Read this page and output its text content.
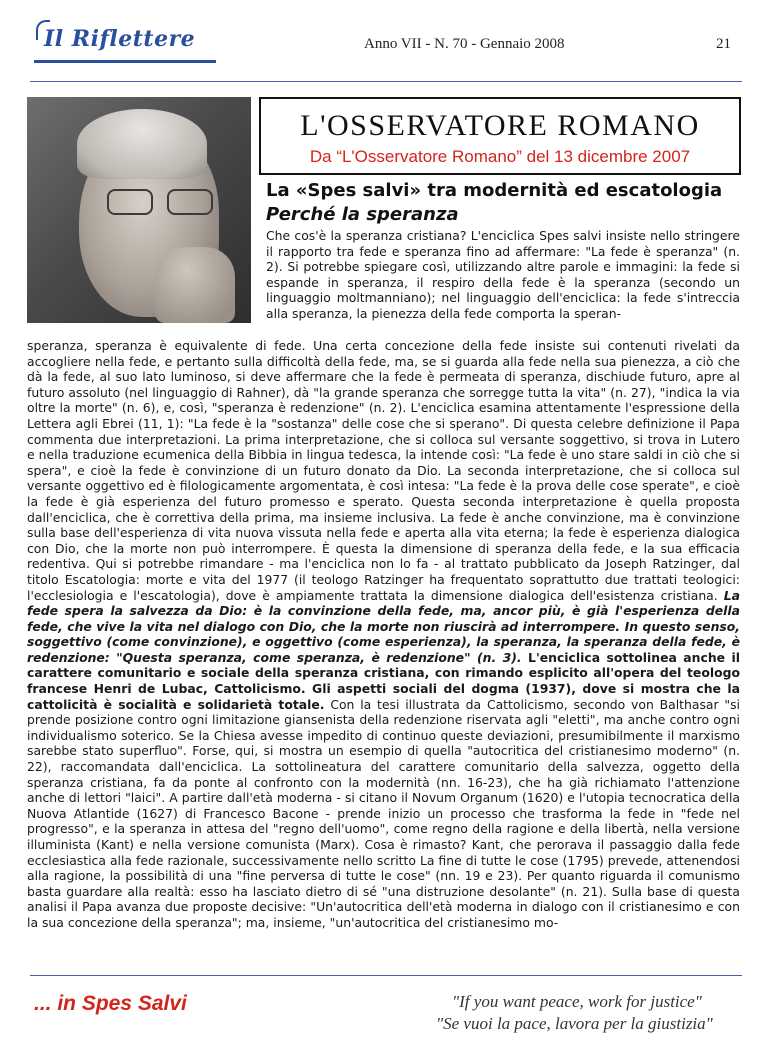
Il Riflettere	Anno VII - N. 70 - Gennaio 2008	21
L'OSSERVATORE ROMANO
Da “L'Osservatore Romano” del 13 dicembre 2007
La «Spes salvi» tra modernità ed escatologia
Perché la speranza

Che cos'è la speranza cristiana? L'enciclica Spes salvi insiste nello stringere il rapporto tra fede e speranza fino ad affermare: "La fede è speranza" (n. 2). Si potrebbe spiegare così, utilizzando altre parole e immagini: la fede si espande in speranza, il respiro della fede è la speranza (secondo un linguaggio moltmanniano); nel linguaggio dell'enciclica: la fede s'intreccia alla speranza, la pienezza della fede comporta la speran-

speranza, speranza è equivalente di fede. Una certa concezione della fede insiste sui contenuti rivelati da accogliere nella fede, e pertanto sulla difficoltà della fede, ma, se si guarda alla fede nella sua pienezza, a ciò che dà la fede, al suo lato luminoso, si deve affermare che la fede è permeata di speranza, dischiude futuro, apre al futuro assoluto (nel linguaggio di Rahner), dà "la grande speranza che sorregge tutta la vita" (n. 27), "indica la via oltre la morte" (n. 6), e, così, "speranza è redenzione" (n. 2). L'enciclica esamina attentamente l'espressione della Lettera agli Ebrei (11, 1): "La fede è la "sostanza" delle cose che si sperano". Di questa celebre definizione il Papa commenta due interpretazioni. La prima interpretazione, che si colloca sul versante soggettivo, si trova in Lutero e nella traduzione ecumenica della Bibbia in lingua tedesca, la intende così: "La fede è uno stare saldi in ciò che si spera", e cioè la fede è convinzione di un futuro donato da Dio. La seconda interpretazione, che si colloca sul versante oggettivo ed è filologicamente argomentata, è così intesa: "La fede è la prova delle cose sperate", e cioè la fede è già esperienza del futuro promesso e sperato. Questa seconda interpretazione è quella proposta dall'enciclica, che è correttiva della prima, ma insieme inclusiva. La fede è anche convinzione, ma è convinzione sulla base dell'esperienza di vita nuova vissuta nella fede e aperta alla vita eterna; la fede è esperienza dialogica con Dio, che la morte non può interrompere. È questa la dimensione di speranza della fede, e la sua efficacia redentiva. Qui si potrebbe rimandare - ma l'enciclica non lo fa - al trattato pubblicato da Joseph Ratzinger, dal titolo Escatologia: morte e vita del 1977 (il teologo Ratzinger ha frequentato soprattutto due trattati teologici: l'ecclesiologia e l'escatologia), dove è ampiamente trattata la dimensione dialogica dell'esistenza cristiana. La fede spera la salvezza da Dio: è la convinzione della fede, ma, ancor più, è già l'esperienza della fede, che vive la vita nel dialogo con Dio, che la morte non riuscirà ad interrompere. In questo senso, soggettivo (come convinzione), e oggettivo (come esperienza), la speranza, la speranza della fede, è redenzione: "Questa speranza, come speranza, è redenzione" (n. 3). L'enciclica sottolinea anche il carattere comunitario e sociale della speranza cristiana, con rimando esplicito all'opera del teologo francese Henri de Lubac, Cattolicismo. Gli aspetti sociali del dogma (1937), dove si mostra che la cattolicità è socialità e solidarietà totale. Con la tesi illustrata da Cattolicismo, secondo von Balthasar "si prende posizione contro ogni limitazione giansenista della redenzione riservata agli "eletti", ma anche contro ogni individualismo soterico. Se la Chiesa avesse impedito di continuo queste deviazioni, presumibilmente il marxismo sarebbe stato superfluo". Forse, qui, si mostra un esempio di quella "autocritica del cristianesimo moderno" (n. 22), raccomandata dall'enciclica. La sottolineatura del carattere comunitario della salvezza, oggetto della speranza cristiana, fa da ponte al confronto con la modernità (nn. 16-23), che ha già richiamato l'attenzione anche di lettori "laici". A partire dall'età moderna - si citano il Novum Organum (1620) e l'utopia tecnocratica della Nuova Atlantide (1627) di Francesco Bacone - prende inizio un processo che trasforma la fede in "fede nel progresso", e la speranza in attesa del "regno dell'uomo", come regno della ragione e della libertà, nella versione illuminista (Kant) e nella versione comunista (Marx). Cosa è rimasto? Kant, che perorava il passaggio dalla fede ecclesiastica alla fede razionale, successivamente nello scritto La fine di tutte le cose (1795) prevede, attenendosi alla ragione, la possibilità di una "fine perversa di tutte le cose" (nn. 19 e 23). Per quanto riguarda il comunismo basta guardare alla realtà: esso ha lasciato dietro di sé "una distruzione desolante" (n. 21). Sulla base di questa analisi il Papa avanza due proposte decisive: "Un'autocritica dell'età moderna in dialogo con il cristianesimo e con la sua concezione della speranza"; ma, insieme, "un'autocritica del cristianesimo mo-

... in Spes Salvi	"If you want peace, work for justice"
"Se vuoi la pace, lavora per la giustizia"
